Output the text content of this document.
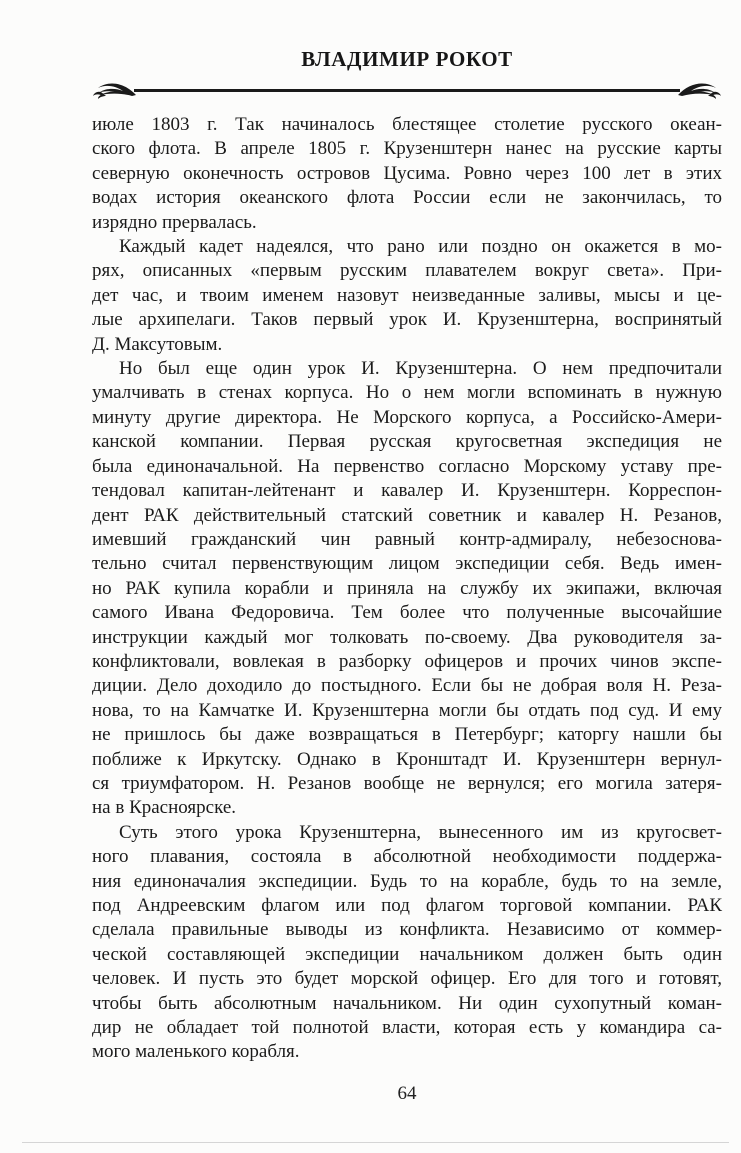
ВЛАДИМИР РОКОТ

июле 1803 г. Так начиналось блестящее столетие русского океан-
ского флота. В апреле 1805 г. Крузенштерн нанес на русские карты
северную оконечность островов Цусима. Ровно через 100 лет в этих
водах история океанского флота России если не закончилась, то
изрядно прервалась.

Каждый кадет надеялся, что рано или поздно он окажется в мо-
рях, описанных «первым русским плавателем вокруг света». При-
дет час, и твоим именем назовут неизведанные заливы, мысы и це-
лые архипелаги. Таков первый урок И. Крузенштерна, воспринятый
Д. Максутовым.

Но был еще один урок И. Крузенштерна. О нем предпочитали
умалчивать в стенах корпуса. Но о нем могли вспоминать в нужную
минуту другие директора. Не Морского корпуса, а Российско-Амери-
канской компании. Первая русская кругосветная экспедиция не
была единоначальной. На первенство согласно Морскому уставу пре-
тендовал капитан-лейтенант и кавалер И. Крузенштерн. Корреспон-
дент РАК действительный статский советник и кавалер Н. Резанов,
имевший гражданский чин равный контр-адмиралу, небезоснова-
тельно считал первенствующим лицом экспедиции себя. Ведь имен-
но РАК купила корабли и приняла на службу их экипажи, включая
самого Ивана Федоровича. Тем более что полученные высочайшие
инструкции каждый мог толковать по-своему. Два руководителя за-
конфликтовали, вовлекая в разборку офицеров и прочих чинов экспе-
диции. Дело доходило до постыдного. Если бы не добрая воля Н. Реза-
нова, то на Камчатке И. Крузенштерна могли бы отдать под суд. И ему
не пришлось бы даже возвращаться в Петербург; каторгу нашли бы
поближе к Иркутску. Однако в Кронштадт И. Крузенштерн вернул-
ся триумфатором. Н. Резанов вообще не вернулся; его могила затеря-
на в Красноярске.

Суть этого урока Крузенштерна, вынесенного им из кругосвет-
ного плавания, состояла в абсолютной необходимости поддержа-
ния единоначалия экспедиции. Будь то на корабле, будь то на земле,
под Андреевским флагом или под флагом торговой компании. РАК
сделала правильные выводы из конфликта. Независимо от коммер-
ческой составляющей экспедиции начальником должен быть один
человек. И пусть это будет морской офицер. Его для того и готовят,
чтобы быть абсолютным начальником. Ни один сухопутный коман-
дир не обладает той полнотой власти, которая есть у командира са-
мого маленького корабля.

64
